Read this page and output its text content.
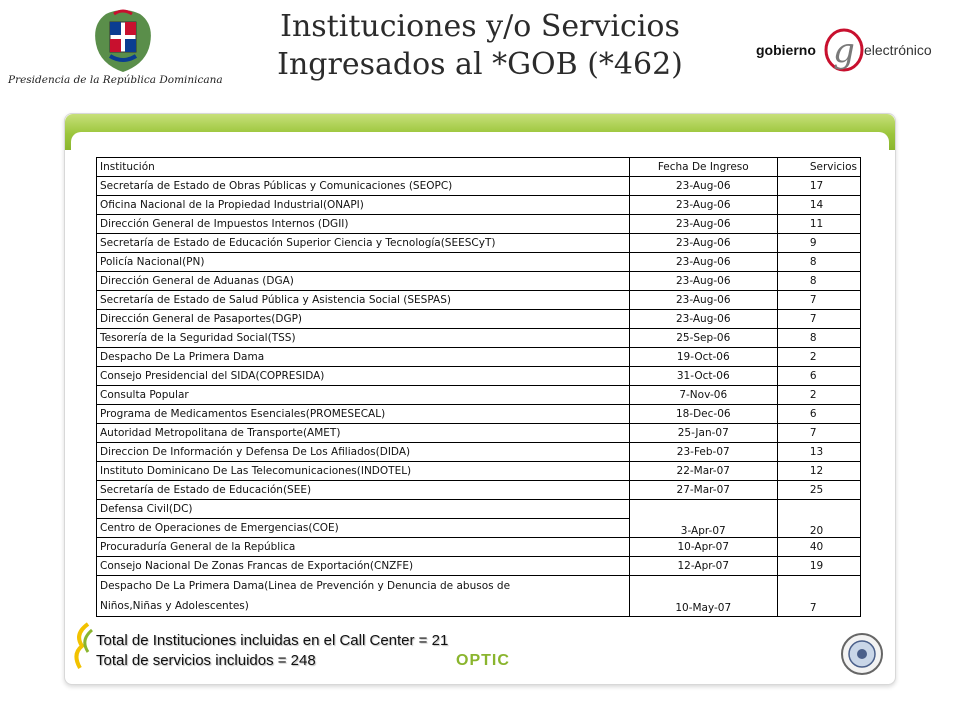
Presidencia de la República Dominicana
Instituciones y/o Servicios
Ingresados al *GOB (*462)	gobierno g electrónico
Institución	Fecha De Ingreso	Servicios
Secretaría de Estado de Obras Públicas y Comunicaciones (SEOPC)	23-Aug-06	17
Oficina Nacional de la Propiedad Industrial(ONAPI)	23-Aug-06	14
Dirección General de Impuestos Internos (DGII)	23-Aug-06	11
Secretaría de Estado de Educación Superior Ciencia y Tecnología(SEESCyT)	23-Aug-06	9
Policía Nacional(PN)	23-Aug-06	8
Dirección General de Aduanas (DGA)	23-Aug-06	8
Secretaría de Estado de Salud Pública y Asistencia Social (SESPAS)	23-Aug-06	7
Dirección General de Pasaportes(DGP)	23-Aug-06	7
Tesorería de la Seguridad Social(TSS)	25-Sep-06	8
Despacho De La Primera Dama	19-Oct-06	2
Consejo Presidencial del SIDA(COPRESIDA)	31-Oct-06	6
Consulta Popular	7-Nov-06	2
Programa de Medicamentos Esenciales(PROMESECAL)	18-Dec-06	6
Autoridad Metropolitana de Transporte(AMET)	25-Jan-07	7
Direccion De Información y Defensa De Los Afiliados(DIDA)	23-Feb-07	13
Instituto Dominicano De Las Telecomunicaciones(INDOTEL)	22-Mar-07	12
Secretaría de Estado de Educación(SEE)	27-Mar-07	25
Defensa Civil(DC)	3-Apr-07	20
Centro de Operaciones de Emergencias(COE)		
Procuraduría General de la República	10-Apr-07	40
Consejo Nacional De Zonas Francas de Exportación(CNZFE)	12-Apr-07	19

Despacho De La Primera Dama(Linea de Prevención y Denuncia de abusos de
Niños,Niñas y Adolescentes)	10-May-07	7
Total de Instituciones incluidas en el Call Center = 21
Total de servicios incluidos = 248	OPTIC
